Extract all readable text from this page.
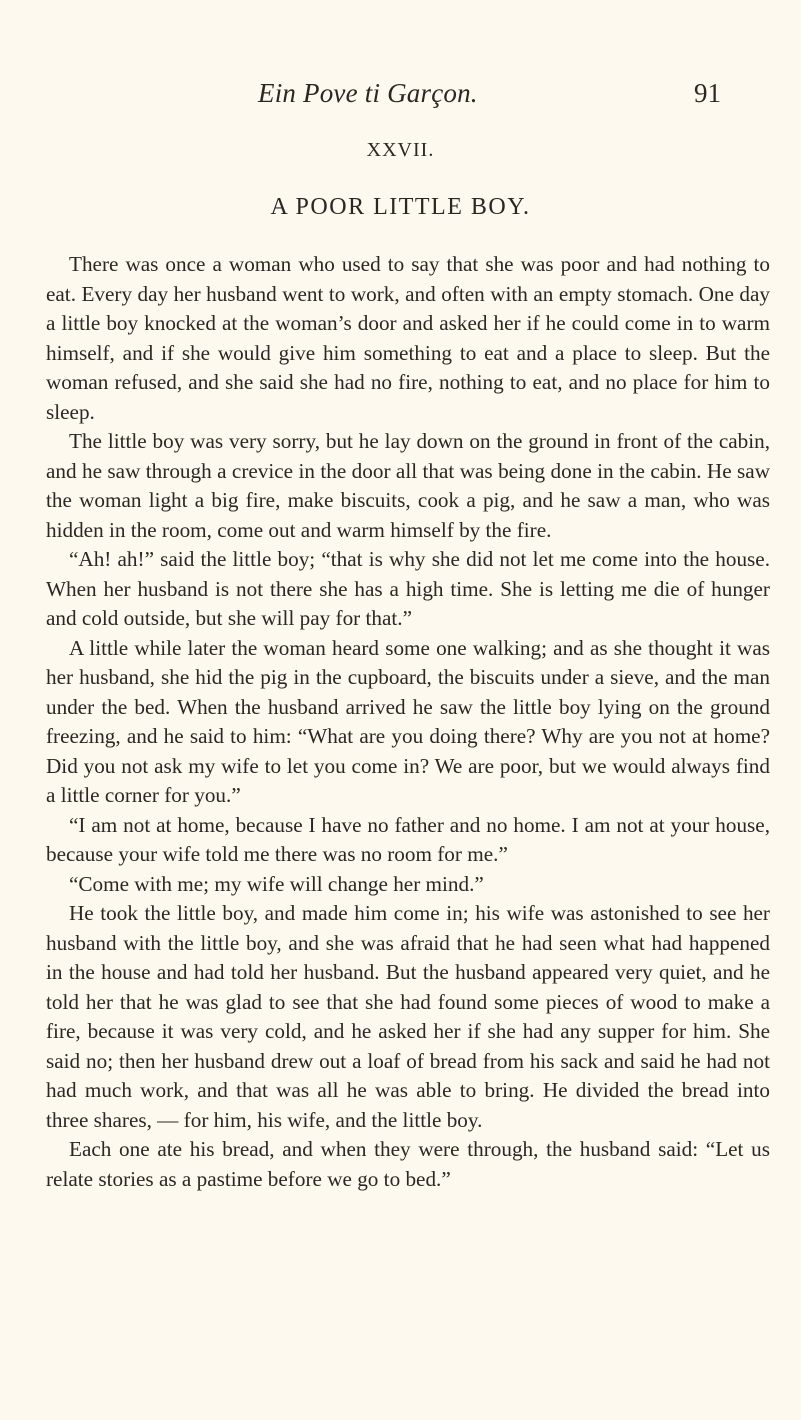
Ein Pove ti Garçon.	91
XXVII.
A POOR LITTLE BOY.

There was once a woman who used to say that she was poor and had nothing to eat. Every day her husband went to work, and often with an empty stomach. One day a little boy knocked at the woman’s door and asked her if he could come in to warm himself, and if she would give him something to eat and a place to sleep. But the woman refused, and she said she had no fire, nothing to eat, and no place for him to sleep.

The little boy was very sorry, but he lay down on the ground in front of the cabin, and he saw through a crevice in the door all that was being done in the cabin. He saw the woman light a big fire, make biscuits, cook a pig, and he saw a man, who was hidden in the room, come out and warm himself by the fire.

“Ah! ah!” said the little boy; “that is why she did not let me come into the house. When her husband is not there she has a high time. She is letting me die of hunger and cold outside, but she will pay for that.”

A little while later the woman heard some one walking; and as she thought it was her husband, she hid the pig in the cupboard, the biscuits under a sieve, and the man under the bed. When the husband arrived he saw the little boy lying on the ground freezing, and he said to him: “What are you doing there? Why are you not at home? Did you not ask my wife to let you come in? We are poor, but we would always find a little corner for you.”

“I am not at home, because I have no father and no home. I am not at your house, because your wife told me there was no room for me.”

“Come with me; my wife will change her mind.”

He took the little boy, and made him come in; his wife was astonished to see her husband with the little boy, and she was afraid that he had seen what had happened in the house and had told her husband. But the husband appeared very quiet, and he told her that he was glad to see that she had found some pieces of wood to make a fire, because it was very cold, and he asked her if she had any supper for him. She said no; then her husband drew out a loaf of bread from his sack and said he had not had much work, and that was all he was able to bring. He divided the bread into three shares, — for him, his wife, and the little boy.

Each one ate his bread, and when they were through, the husband said: “Let us relate stories as a pastime before we go to bed.”
